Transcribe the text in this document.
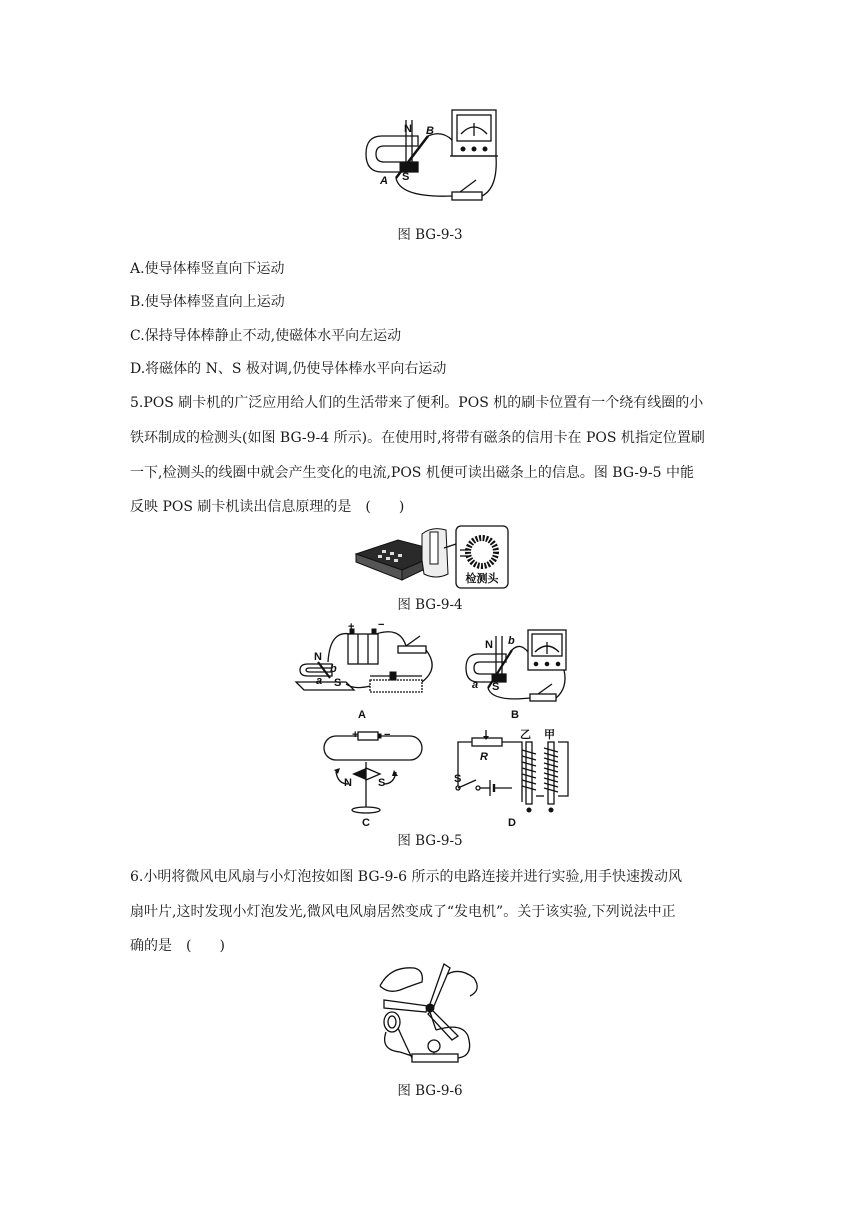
N
S
A
B
图 BG-9-3
A.使导体棒竖直向下运动
B.使导体棒竖直向上运动
C.保持导体棒静止不动,使磁体水平向左运动
D.将磁体的 N、S 极对调,仍使导体棒水平向右运动
5.POS 刷卡机的广泛应用给人们的生活带来了便利。POS 机的刷卡位置有一个绕有线圈的小
铁环制成的检测头(如图 BG-9-4 所示)。在使用时,将带有磁条的信用卡在 POS 机指定位置刷
一下,检测头的线圈中就会产生变化的电流,POS 机便可读出磁条上的信息。图 BG-9-5 中能
反映 POS 刷卡机读出信息原理的是　(　　)
检测头
图 BG-9-4
+ −
N
S
b
a
A
N
S
b
a
B
+ −
N S
C
R
S
乙 甲
D
图 BG-9-5
6.小明将微风电风扇与小灯泡按如图 BG-9-6 所示的电路连接并进行实验,用手快速拨动风
扇叶片,这时发现小灯泡发光,微风电风扇居然变成了“发电机”。关于该实验,下列说法中正
确的是　(　　)
图 BG-9-6
